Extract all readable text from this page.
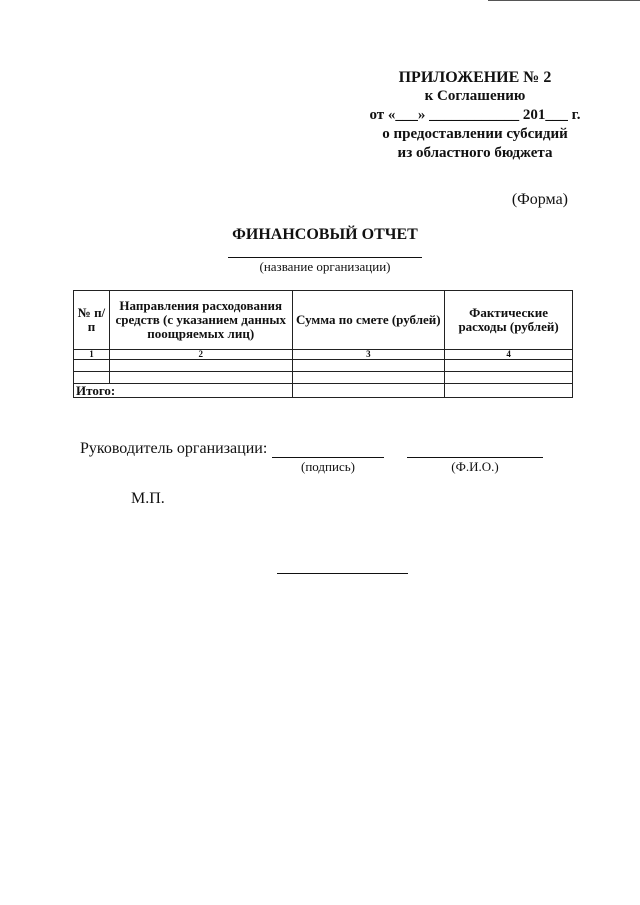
ПРИЛОЖЕНИЕ № 2
к Соглашению
от «___» ____________ 201___ г.
о предоставлении субсидий
из областного бюджета
(Форма)
ФИНАНСОВЫЙ ОТЧЕТ
(название организации)
№ п/п	Направления расходования средств (с указанием данных поощряемых лиц)	Сумма по смете (рублей)	Фактические расходы (рублей)
1	2	3	4

Итого:			
Руководитель организации:
(подпись)	(Ф.И.О.)
М.П.
